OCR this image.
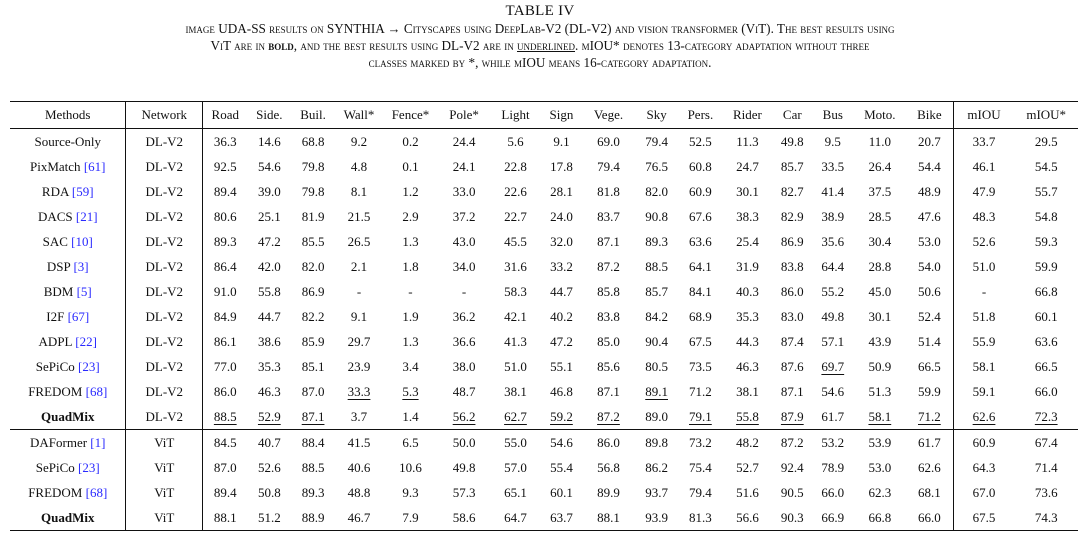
TABLE IV
image UDA-SS results on SYNTHIA → Cityscapes using DeepLab-V2 (DL-V2) and vision transformer (ViT). The best results using
ViT are in bold, and the best results using DL-V2 are in underlined. mIOU* denotes 13-category adaptation without three
classes marked by *, while mIOU means 16-category adaptation.
Methods	Network	Road	Side.	Buil.	Wall*	Fence*	Pole*	Light	Sign	Vege.	Sky	Pers.	Rider	Car	Bus	Moto.	Bike	mIOU	mIOU*
Source-Only	DL-V2	36.3	14.6	68.8	9.2	0.2	24.4	5.6	9.1	69.0	79.4	52.5	11.3	49.8	9.5	11.0	20.7	33.7	29.5
PixMatch [61]	DL-V2	92.5	54.6	79.8	4.8	0.1	24.1	22.8	17.8	79.4	76.5	60.8	24.7	85.7	33.5	26.4	54.4	46.1	54.5
RDA [59]	DL-V2	89.4	39.0	79.8	8.1	1.2	33.0	22.6	28.1	81.8	82.0	60.9	30.1	82.7	41.4	37.5	48.9	47.9	55.7
DACS [21]	DL-V2	80.6	25.1	81.9	21.5	2.9	37.2	22.7	24.0	83.7	90.8	67.6	38.3	82.9	38.9	28.5	47.6	48.3	54.8
SAC [10]	DL-V2	89.3	47.2	85.5	26.5	1.3	43.0	45.5	32.0	87.1	89.3	63.6	25.4	86.9	35.6	30.4	53.0	52.6	59.3
DSP [3]	DL-V2	86.4	42.0	82.0	2.1	1.8	34.0	31.6	33.2	87.2	88.5	64.1	31.9	83.8	64.4	28.8	54.0	51.0	59.9
BDM [5]	DL-V2	91.0	55.8	86.9	-	-	-	58.3	44.7	85.8	85.7	84.1	40.3	86.0	55.2	45.0	50.6	-	66.8
I2F [67]	DL-V2	84.9	44.7	82.2	9.1	1.9	36.2	42.1	40.2	83.8	84.2	68.9	35.3	83.0	49.8	30.1	52.4	51.8	60.1
ADPL [22]	DL-V2	86.1	38.6	85.9	29.7	1.3	36.6	41.3	47.2	85.0	90.4	67.5	44.3	87.4	57.1	43.9	51.4	55.9	63.6
SePiCo [23]	DL-V2	77.0	35.3	85.1	23.9	3.4	38.0	51.0	55.1	85.6	80.5	73.5	46.3	87.6	69.7	50.9	66.5	58.1	66.5
FREDOM [68]	DL-V2	86.0	46.3	87.0	33.3	5.3	48.7	38.1	46.8	87.1	89.1	71.2	38.1	87.1	54.6	51.3	59.9	59.1	66.0
QuadMix	DL-V2	88.5	52.9	87.1	3.7	1.4	56.2	62.7	59.2	87.2	89.0	79.1	55.8	87.9	61.7	58.1	71.2	62.6	72.3
DAFormer [1]	ViT	84.5	40.7	88.4	41.5	6.5	50.0	55.0	54.6	86.0	89.8	73.2	48.2	87.2	53.2	53.9	61.7	60.9	67.4
SePiCo [23]	ViT	87.0	52.6	88.5	40.6	10.6	49.8	57.0	55.4	56.8	86.2	75.4	52.7	92.4	78.9	53.0	62.6	64.3	71.4
FREDOM [68]	ViT	89.4	50.8	89.3	48.8	9.3	57.3	65.1	60.1	89.9	93.7	79.4	51.6	90.5	66.0	62.3	68.1	67.0	73.6
QuadMix	ViT	88.1	51.2	88.9	46.7	7.9	58.6	64.7	63.7	88.1	93.9	81.3	56.6	90.3	66.9	66.8	66.0	67.5	74.3
